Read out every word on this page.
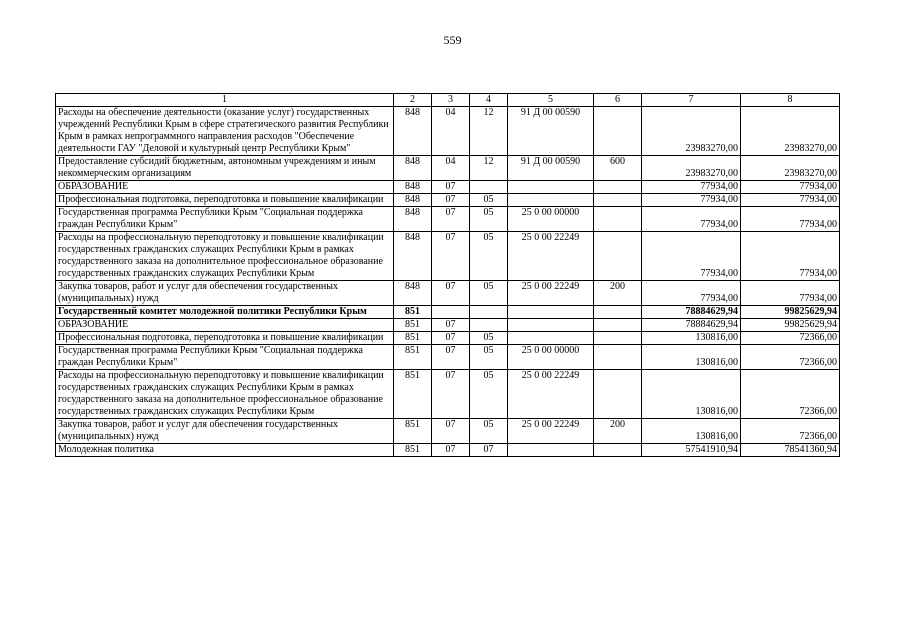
559
1	2	3	4	5	6	7	8
Расходы на обеспечение деятельности (оказание услуг) государственных учреждений Республики Крым в сфере стратегического развития Республики Крым в рамках непрограммного направления расходов "Обеспечение деятельности ГАУ "Деловой и культурный центр Республики Крым"	848	04	12	91 Д 00 00590		23983270,00	23983270,00
Предоставление субсидий бюджетным, автономным учреждениям и иным некоммерческим организациям	848	04	12	91 Д 00 00590	600	23983270,00	23983270,00
ОБРАЗОВАНИЕ	848	07				77934,00	77934,00
Профессиональная подготовка, переподготовка и повышение квалификации	848	07	05			77934,00	77934,00
Государственная программа Республики Крым "Социальная поддержка граждан Республики Крым"	848	07	05	25 0 00 00000		77934,00	77934,00
Расходы на профессиональную переподготовку и повышение квалификации государственных гражданских служащих Республики Крым в рамках государственного заказа на дополнительное профессиональное образование государственных гражданских служащих Республики Крым	848	07	05	25 0 00 22249		77934,00	77934,00
Закупка товаров, работ и услуг для обеспечения государственных (муниципальных) нужд	848	07	05	25 0 00 22249	200	77934,00	77934,00
Государственный комитет молодежной политики Республики Крым	851					78884629,94	99825629,94
ОБРАЗОВАНИЕ	851	07				78884629,94	99825629,94
Профессиональная подготовка, переподготовка и повышение квалификации	851	07	05			130816,00	72366,00
Государственная программа Республики Крым "Социальная поддержка граждан Республики Крым"	851	07	05	25 0 00 00000		130816,00	72366,00
Расходы на профессиональную переподготовку и повышение квалификации государственных гражданских служащих Республики Крым в рамках государственного заказа на дополнительное профессиональное образование государственных гражданских служащих Республики Крым	851	07	05	25 0 00 22249		130816,00	72366,00
Закупка товаров, работ и услуг для обеспечения государственных (муниципальных) нужд	851	07	05	25 0 00 22249	200	130816,00	72366,00
Молодежная политика	851	07	07			57541910,94	78541360,94
